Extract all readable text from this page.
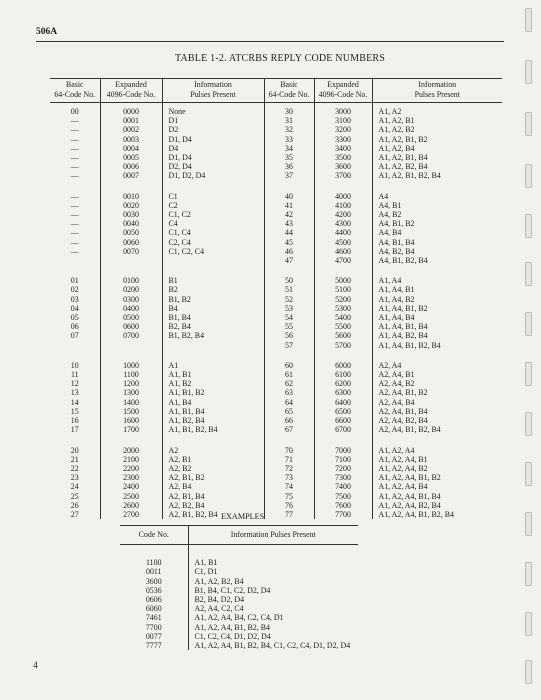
506A
TABLE 1-2. ATCRBS REPLY CODE NUMBERS
Basic
64-Code No.	Expanded
4096-Code No.	Information
Pulses Present	Basic
64-Code No.	Expanded
4096-Code No.	Information
Pulses Present
00	0000	None	30	3000	A1, A2
—	0001	D1	31	3100	A1, A2, B1
—	0002	D2	32	3200	A1, A2, B2
—	0003	D1, D4	33	3300	A1, A2, B1, B2
—	0004	D4	34	3400	A1, A2, B4
—	0005	D1, D4	35	3500	A1, A2, B1, B4
—	0006	D2, D4	36	3600	A1, A2, B2, B4
—	0007	D1, D2, D4	37	3700	A1, A2, B1, B2, B4

—	0010	C1	40	4000	A4
—	0020	C2	41	4100	A4, B1
—	0030	C1, C2	42	4200	A4, B2
—	0040	C4	43	4300	A4, B1, B2
—	0050	C1, C4	44	4400	A4, B4
—	0060	C2, C4	45	4500	A4, B1, B4
—	0070	C1, C2, C4	46	4600	A4, B2, B4
			47	4700	A4, B1, B2, B4

01	0100	B1	50	5000	A1, A4
02	0200	B2	51	5100	A1, A4, B1
03	0300	B1, B2	52	5200	A1, A4, B2
04	0400	B4	53	5300	A1, A4, B1, B2
05	0500	B1, B4	54	5400	A1, A4, B4
06	0600	B2, B4	55	5500	A1, A4, B1, B4
07	0700	B1, B2, B4	56	5600	A1, A4, B2, B4
			57	5700	A1, A4, B1, B2, B4

10	1000	A1	60	6000	A2, A4
11	1100	A1, B1	61	6100	A2, A4, B1
12	1200	A1, B2	62	6200	A2, A4, B2
13	1300	A1, B1, B2	63	6300	A2, A4, B1, B2
14	1400	A1, B4	64	6400	A2, A4, B4
15	1500	A1, B1, B4	65	6500	A2, A4, B1, B4
16	1600	A1, B2, B4	66	6600	A2, A4, B2, B4
17	1700	A1, B1, B2, B4	67	6700	A2, A4, B1, B2, B4

20	2000	A2	70	7000	A1, A2, A4
21	2100	A2, B1	71	7100	A1, A2, A4, B1
22	2200	A2, B2	72	7200	A1, A2, A4, B2
23	2300	A2, B1, B2	73	7300	A1, A2, A4, B1, B2
24	2400	A2, B4	74	7400	A1, A2, A4, B4
25	2500	A2, B1, B4	75	7500	A1, A2, A4, B1, B4
26	2600	A2, B2, B4	76	7600	A1, A2, A4, B2, B4
27	2700	A2, B1, B2, B4	77	7700	A1, A2, A4, B1, B2, B4
EXAMPLES
Code No.	Information Pulses Present
1100	A1, B1
0011	C1, D1
3600	A1, A2, B2, B4
0536	B1, B4, C1, C2, D2, D4
0606	B2, B4, D2, D4
6060	A2, A4, C2, C4
7461	A1, A2, A4, B4, C2, C4, D1
7700	A1, A2, A4, B1, B2, B4
0077	C1, C2, C4, D1, D2, D4
7777	A1, A2, A4, B1, B2, B4, C1, C2, C4, D1, D2, D4
4
